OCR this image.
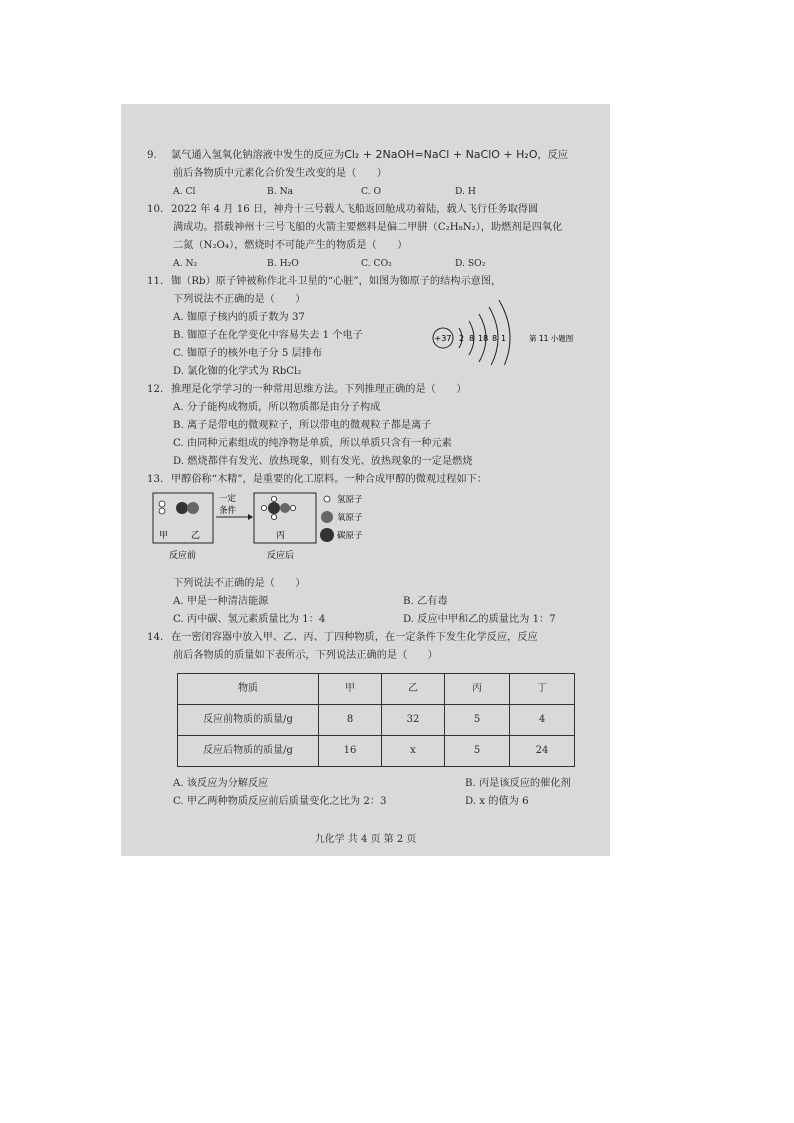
9. 氯气通入氢氧化钠溶液中发生的反应为Cl₂ + 2NaOH=NaCl + NaClO + H₂O，反应
前后各物质中元素化合价发生改变的是（　　）
A. Cl	B. Na	C. O	D. H
10. 2022 年 4 月 16 日，神舟十三号载人飞船返回舱成功着陆，载人飞行任务取得圆
满成功。搭载神州十三号飞船的火箭主要燃料是偏二甲肼（C₂H₈N₂），助燃剂是四氧化
二氮（N₂O₄），燃烧时不可能产生的物质是（　　）
A. N₂	B. H₂O	C. CO₂	D. SO₂
11. 铷（Rb）原子钟被称作北斗卫星的“心脏”，如图为铷原子的结构示意图，
下列说法不正确的是（　　）
A. 铷原子核内的质子数为 37
B. 铷原子在化学变化中容易失去 1 个电子
C. 铷原子的核外电子分 5 层排布
D. 氯化铷的化学式为 RbCl₂
+37 2 8 18 8 1	第 11 小题图
12. 推理是化学学习的一种常用思维方法。下列推理正确的是（　　）
A. 分子能构成物质，所以物质都是由分子构成
B. 离子是带电的微观粒子，所以带电的微观粒子都是离子
C. 由同种元素组成的纯净物是单质，所以单质只含有一种元素
D. 燃烧都伴有发光、放热现象，则有发光、放热现象的一定是燃烧
13. 甲醇俗称“木精”，是重要的化工原料。一种合成甲醇的微观过程如下：
甲	乙
一定
条件
丙
氢原子
氧原子
碳原子
反应前	反应后
下列说法不正确的是（　　）
A. 甲是一种清洁能源	B. 乙有毒
C. 丙中碳、氢元素质量比为 1：4	D. 反应中甲和乙的质量比为 1：7
14. 在一密闭容器中放入甲、乙、丙、丁四种物质，在一定条件下发生化学反应，反应
前后各物质的质量如下表所示，下列说法正确的是（　　）
物质	甲	乙	丙	丁
反应前物质的质量/g	8	32	5	4
反应后物质的质量/g	16	x	5	24
A. 该反应为分解反应	B. 丙是该反应的催化剂
C. 甲乙两种物质反应前后质量变化之比为 2：3	D. x 的值为 6
九化学 共 4 页 第 2 页
